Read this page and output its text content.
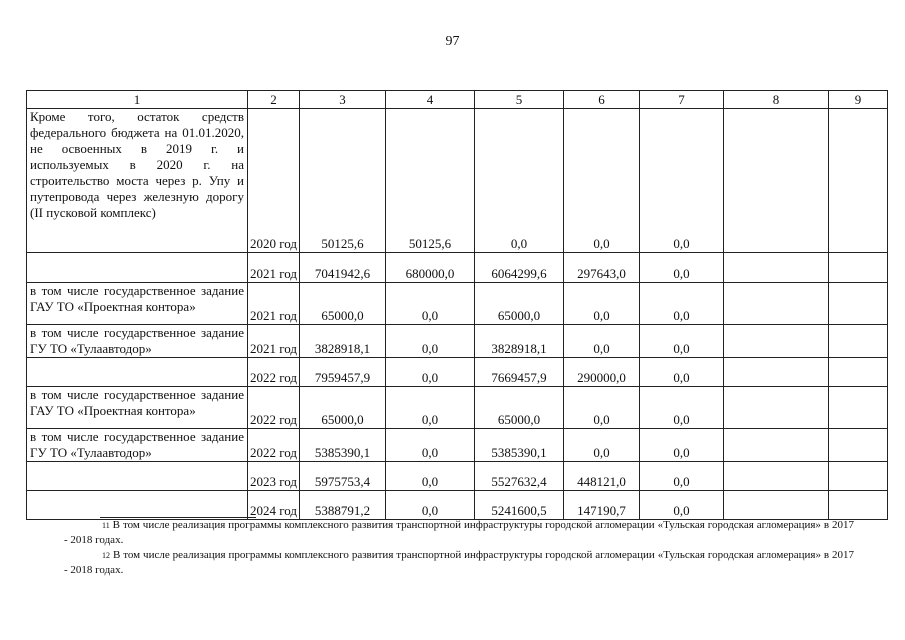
97
1	2	3	4	5	6	7	8	9
Кроме того, остаток средств федерального бюджета на 01.01.2020, не освоенных в 2019 г. и используемых в 2020 г. на строительство моста через р. Упу и путепровода через железную дорогу (II пусковой комплекс)	2020 год	50125,6	50125,6	0,0	0,0	0,0		
	2021 год	7041942,6	680000,0	6064299,6	297643,0	0,0		
в том числе государственное задание ГАУ ТО «Проектная контора»	2021 год	65000,0	0,0	65000,0	0,0	0,0		
в том числе государственное задание ГУ ТО «Тулаавтодор»	2021 год	3828918,1	0,0	3828918,1	0,0	0,0		
	2022 год	7959457,9	0,0	7669457,9	290000,0	0,0		
в том числе государственное задание ГАУ ТО «Проектная контора»	2022 год	65000,0	0,0	65000,0	0,0	0,0		
в том числе государственное задание ГУ ТО «Тулаавтодор»	2022 год	5385390,1	0,0	5385390,1	0,0	0,0		
	2023 год	5975753,4	0,0	5527632,4	448121,0	0,0		
	2024 год	5388791,2	0,0	5241600,5	147190,7	0,0		
$^{11}$ В том числе реализация программы комплексного развития транспортной инфраструктуры городской агломерации «Тульская городская агломерация» в 2017 - 2018 годах.
$^{12}$ В том числе реализация программы комплексного развития транспортной инфраструктуры городской агломерации «Тульская городская агломерация» в 2017 - 2018 годах.
